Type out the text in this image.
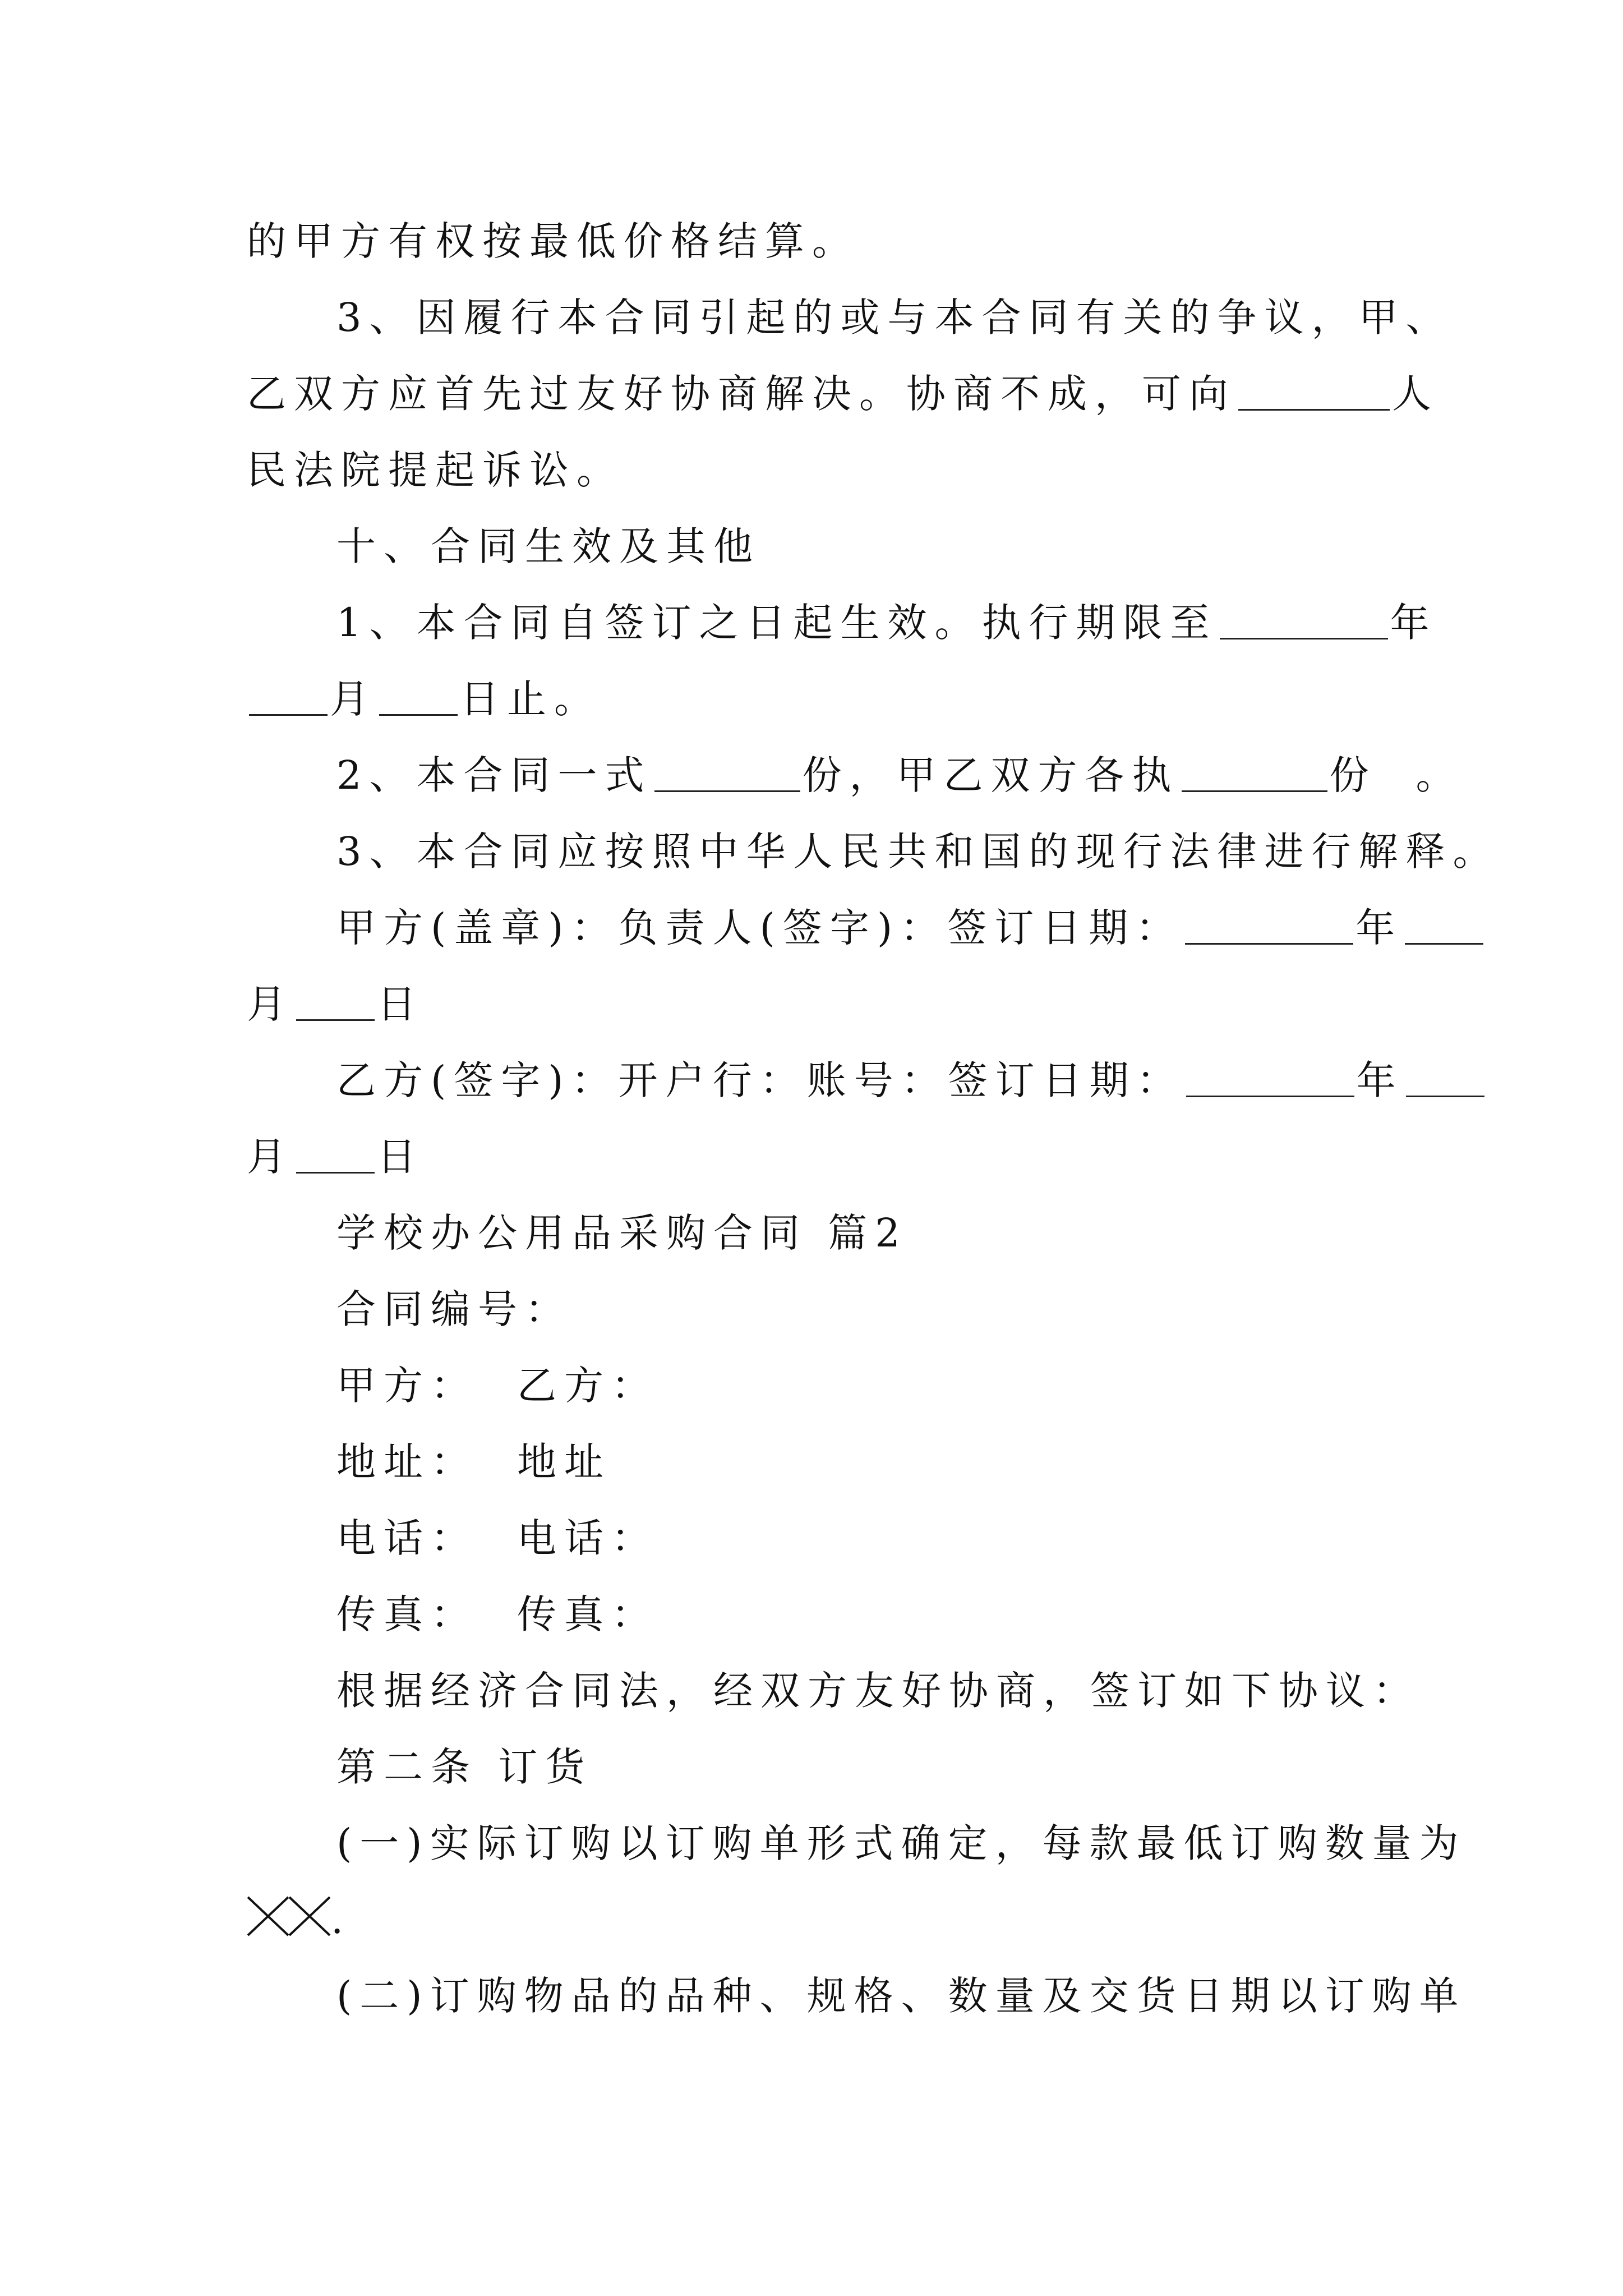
的甲方有权按最低价格结算。
3、因履行本合同引起的或与本合同有关的争议，甲、
乙双方应首先过友好协商解决。协商不成，可向	人
民法院提起诉讼。
十、合同生效及其他
1、本合同自签订之日起生效。执行期限至	年
月 日止。
2、本合同一式	份，甲乙双方各执	份 。
3、本合同应按照中华人民共和国的现行法律进行解释。
甲方(盖章)：负责人(签字)：签订日期：	年
月 日
乙方(签字)：开户行：账号：签订日期：	年
月 日
学校办公用品采购合同 篇2
合同编号：
甲方： 乙方：
地址： 地址
电话： 电话：
传真： 传真：
根据经济合同法，经双方友好协商，签订如下协议：
第二条 订货
(一)实际订购以订购单形式确定，每款最低订购数量为
.
(二)订购物品的品种、规格、数量及交货日期以订购单
